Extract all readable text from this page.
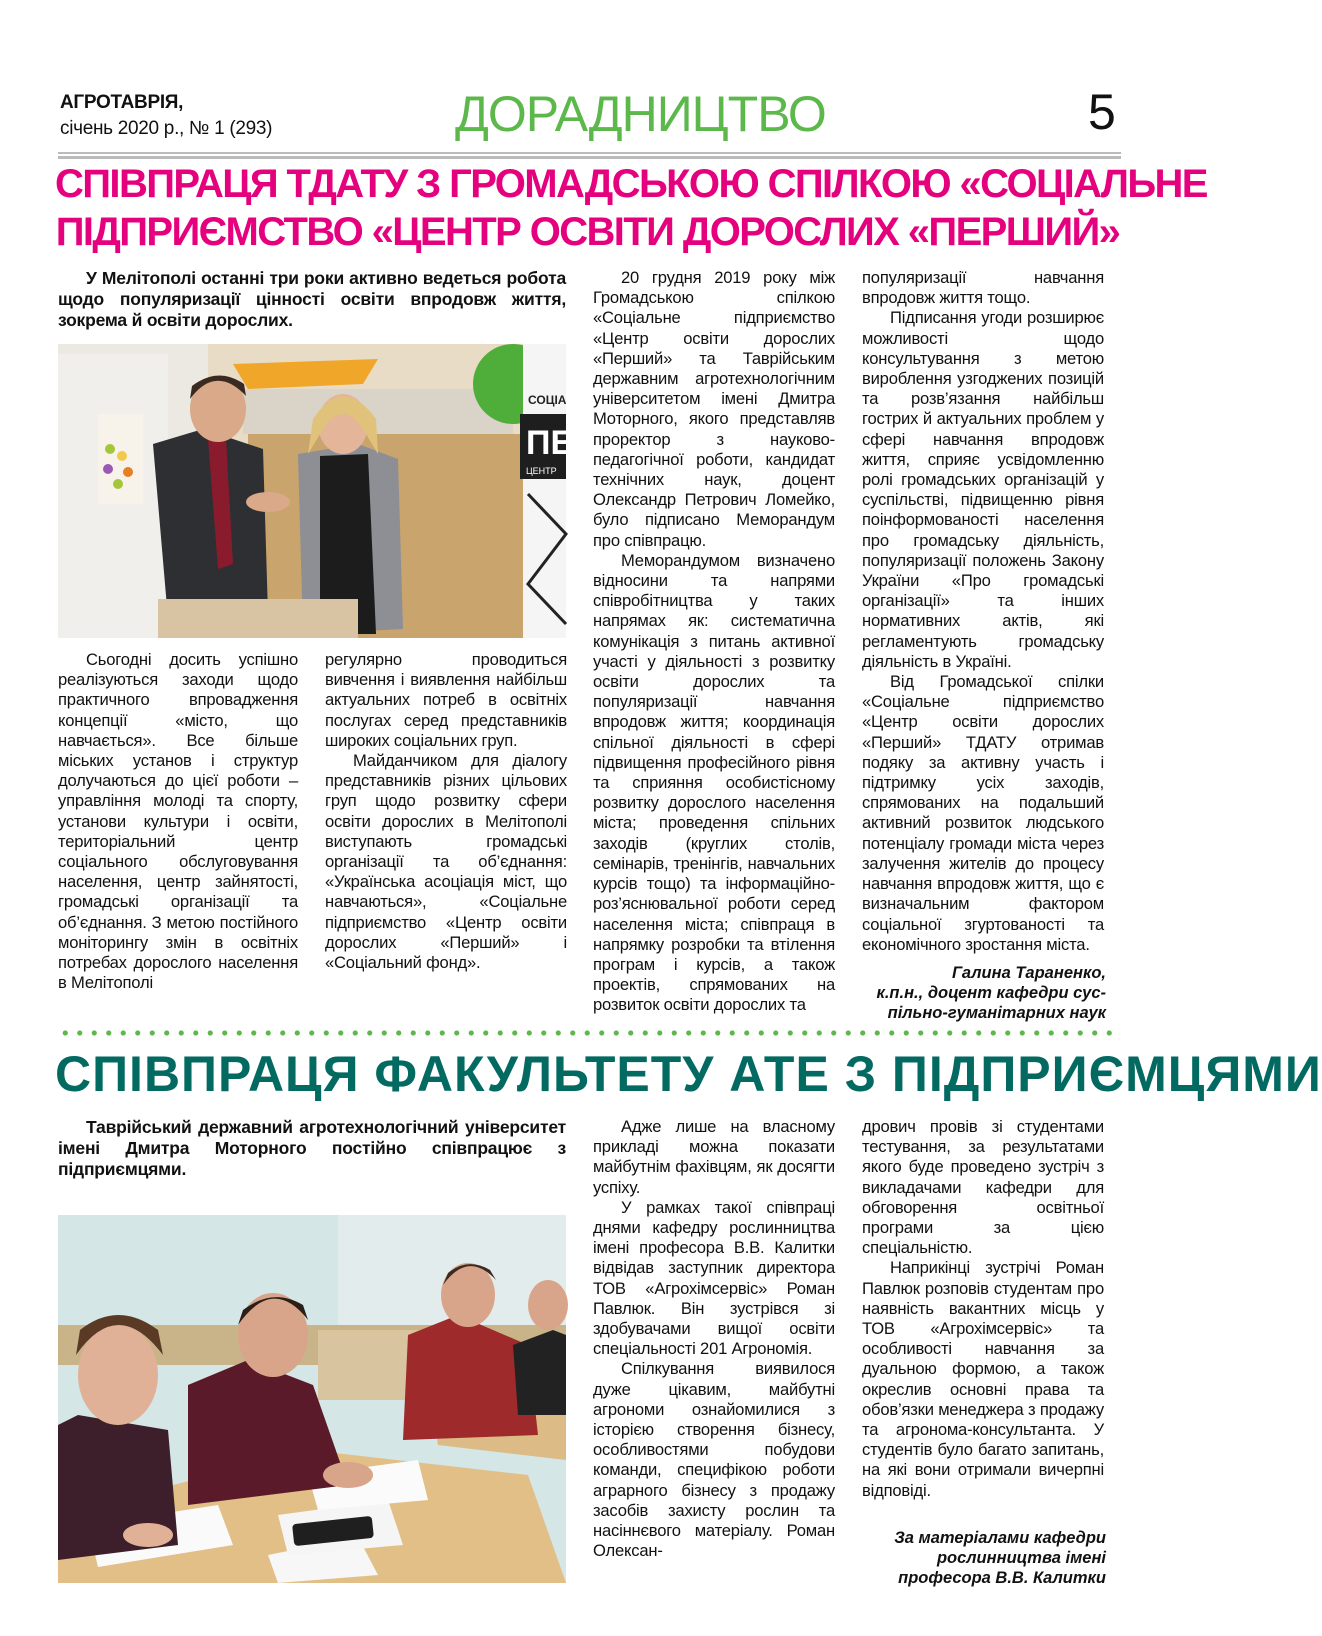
АГРОТАВРІЯ,
січень 2020 р., № 1 (293)	ДОРАДНИЦТВО	5
СПІВПРАЦЯ ТДАТУ З ГРОМАДСЬКОЮ СПІЛКОЮ «СОЦІАЛЬНЕ
ПІДПРИЄМСТВО «ЦЕНТР ОСВІТИ ДОРОСЛИХ «ПЕРШИЙ»
У Мелітополі останні три роки активно ведеться робота щодо популяризації цінності освіти впродовж життя, зокрема й освіти дорослих.
СОЦІА
ПЕ
ЦЕНТР

Сьогодні досить успішно реалізуються заходи щодо практичного впровадження концепції «місто, що навчається». Все більше міських установ і структур долучаються до цієї роботи – управління молоді та спорту, установи культури і освіти, територіальний центр соціального обслуговування населення, центр зайнятості, громадські організації та об’єднання. З метою постійного моніторингу змін в освітніх потребах дорослого населення в Мелітополі

регулярно проводиться вивчення і виявлення найбільш актуальних потреб в освітніх послугах серед представників широких соціальних груп.

Майданчиком для діалогу представників різних цільових груп щодо розвитку сфери освіти дорослих в Мелітополі виступають громадські організації та об’єднання: «Українська асоціація міст, що навчаються», «Соціальне підприємство «Центр освіти дорослих «Перший» і «Соціальний фонд».

20 грудня 2019 року між Громадською спілкою «Соціальне підприємство «Центр освіти дорослих «Перший» та Таврійським державним агротехнологічним університетом імені Дмитра Моторного, якого представляв проректор з науково-педагогічної роботи, кандидат технічних наук, доцент Олександр Петрович Ломейко, було підписано Меморандум про співпрацю.

Меморандумом визначено відносини та напрями співробітництва у таких напрямах як: систематична комунікація з питань активної участі у діяльності з розвитку освіти дорослих та популяризації навчання впродовж життя; координація спільної діяльності в сфері підвищення професійного рівня та сприяння особистісному розвитку дорослого населення міста; проведення спільних заходів (круглих столів, семінарів, тренінгів, навчальних курсів тощо) та інформаційно-роз’яснювальної роботи серед населення міста; співпраця в напрямку розробки та втілення програм і курсів, а також проектів, спрямованих на розвиток освіти дорослих та

популяризації навчання впродовж життя тощо.

Підписання угоди розширює можливості щодо консультування з метою вироблення узгоджених позицій та розв’язання найбільш гострих й актуальних проблем у сфері навчання впродовж життя, сприяє усвідомленню ролі громадських організацій у суспільстві, підвищенню рівня поінформованості населення про громадську діяльність, популяризації положень Закону України «Про громадські організації» та інших нормативних актів, які регламентують громадську діяльність в Україні.

Від Громадської спілки «Соціальне підприємство «Центр освіти дорослих «Перший» ТДАТУ отримав подяку за активну участь і підтримку усіх заходів, спрямованих на подальший активний розвиток людського потенціалу громади міста через залучення жителів до процесу навчання впродовж життя, що є визначальним фактором соціальної згуртованості та економічного зростання міста.

Галина Тараненко,
к.п.н., доцент кафедри сус-
пільно-гуманітарних наук
СПІВПРАЦЯ ФАКУЛЬТЕТУ АТЕ З ПІДПРИЄМЦЯМИ
Таврійський державний агротехнологічний університет імені Дмитра Моторного постійно співпрацює з підприємцями.

Адже лише на власному прикладі можна показати майбутнім фахівцям, як досягти успіху.

У рамках такої співпраці днями кафедру рослинництва імені професора В.В. Калитки відвідав заступник директора ТОВ «Агрохімсервіс» Роман Павлюк. Він зустрівся зі здобувачами вищої освіти спеціальності 201 Агрономія.

Спілкування виявилося дуже цікавим, майбутні агрономи ознайомилися з історією створення бізнесу, особливостями побудови команди, специфікою роботи аграрного бізнесу з продажу засобів захисту рослин та насіннєвого матеріалу. Роман Олексан-

дрович провів зі студентами тестування, за результатами якого буде проведено зустріч з викладачами кафедри для обговорення освітньої програми за цією спеціальністю.

Наприкінці зустрічі Роман Павлюк розповів студентам про наявність вакантних місць у ТОВ «Агрохімсервіс» та особливості навчання за дуальною формою, а також окреслив основні права та обов’язки менеджера з продажу та агронома-консультанта. У студентів було багато запитань, на які вони отримали вичерпні відповіді.

За матеріалами кафедри
рослинництва імені
професора В.В. Калитки
